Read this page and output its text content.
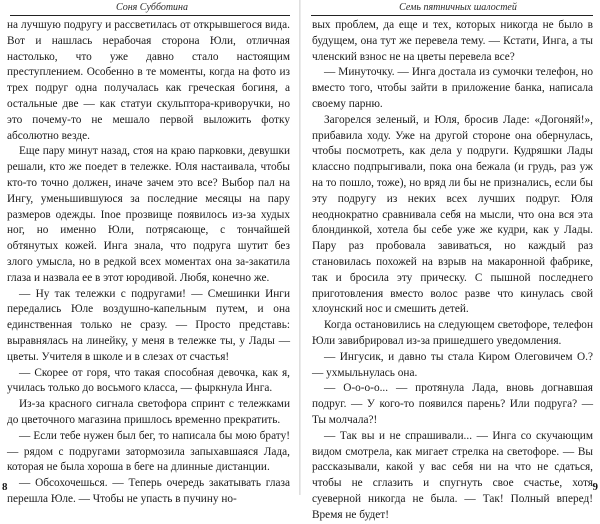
Соня Субботина

на лучшую подругу и рассветилась от открывшегося вида. Вот и нашлась нерабочая сторона Юли, отличная настолько, что уже давно стало настоящим преступлением. Особенно в те моменты, когда на фото из трех подруг одна получалась как греческая богиня, а остальные две — как статуи скульптора-криворучки, но это почему-то не мешало первой выложить фотку абсолютно везде.

Еще пару минут назад, стоя на краю парковки, девушки решали, кто же поедет в тележке. Юля настаивала, чтобы кто-то точно должен, иначе зачем это все? Выбор пал на Ингу, уменьшившуюся за последние месяцы на пару размеров одежды. Inoe прозвище появилось из-за худых ног, но именно Юли, потрясающе, с тончайшей обтянутых кожей. Инга знала, что подруга шутит без злого умысла, но в редкой всех моментах она за-закатила глаза и назвала ее в этот юродивой. Любя, конечно же.

— Ну так тележки с подругами! — Смешинки Инги передались Юле воздушно-капельным путем, и она единственная только не сразу. — Просто представь: выравнялась на линейку, у меня в тележке ты, у Лады — цветы. Учителя в школе и в слезах от счастья!

— Скорее от горя, что такая способная девочка, как я, училась только до восьмого класса, — фыркнула Инга.

Из-за красного сигнала светофора спринт с тележками до цветочного магазина пришлось временно прекратить.

— Если тебе нужен был бег, то написала бы мою брату! — рядом с подругами затормозила запыхавшаяся Лада, которая не была хороша в беге на длинные дистанции.

— Обсохочешься. — Теперь очередь закатывать глаза перешла Юле. — Чтобы не упасть в пучину но-

8
Семь пятничных шалостей

вых проблем, да еще и тех, которых никогда не было в будущем, она тут же перевела тему. — Кстати, Инга, а ты членский взнос не на цветы перевела все?

— Минуточку. — Инга достала из сумочки телефон, но вместо того, чтобы зайти в приложение банка, написала своему парню.

Загорелся зеленый, и Юля, бросив Ладе: «Догоняй!», прибавила ходу. Уже на другой стороне она обернулась, чтобы посмотреть, как дела у подруги. Кудряшки Лады классно подпрыгивали, пока она бежала (и грудь, раз уж на то пошло, тоже), но вряд ли бы не признались, если бы эту подругу из неких всех лучших подруг. Юля неоднократно сравнивала себя на мысли, что она вся эта блондинкой, хотела бы себе уже же кудри, как у Лады. Пару раз пробовала завиваться, но каждый раз становилась похожей на взрыв на макаронной фабрике, так и бросила эту прическу. С пышной последнего приготовления вместо волос разве что кинулась свой хлоунский нос и смешить детей.

Когда остановились на следующем светофоре, телефон Юли завибрировал из-за пришедшего уведомления.

— Ингусик, и давно ты стала Киром Олеговичем О.? — ухмыльнулась она.

— О-о-о-о... — протянула Лада, вновь догнавшая подруг. — У кого-то появился парень? Или подруга? — Ты молчала?!

— Так вы и не спрашивали... — Инга со скучающим видом смотрела, как мигает стрелка на светофоре. — Вы рассказывали, какой у вас себя ни на что не сдаться, чтобы не сглазить и спугнуть свое счастье, хотя суеверной никогда не была. — Так! Полный вперед! Время не будет!

9
